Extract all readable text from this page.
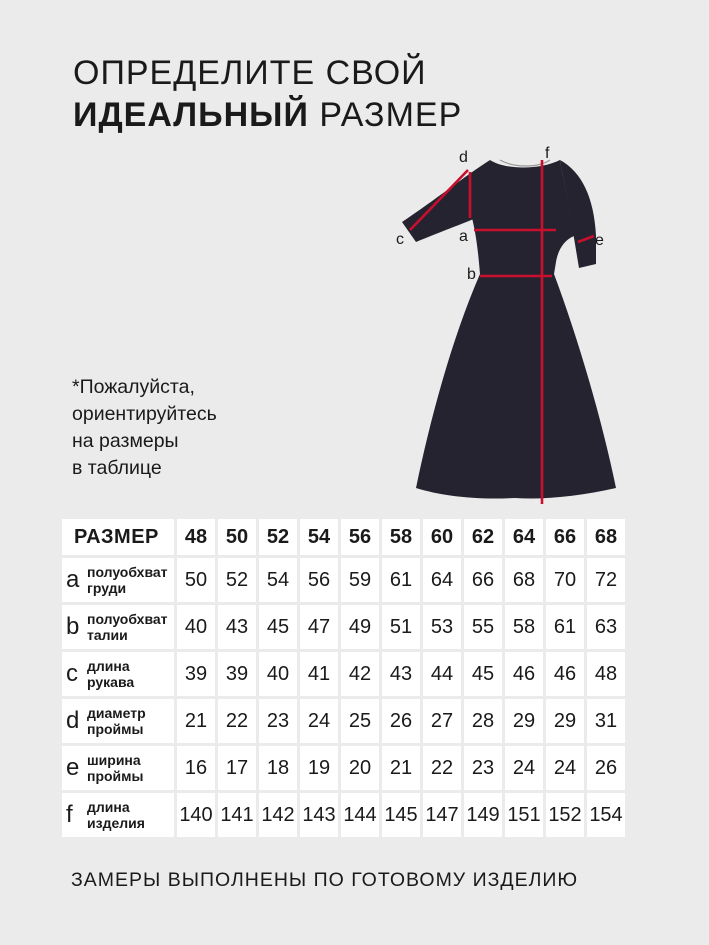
ОПРЕДЕЛИТЕ СВОЙ
ИДЕАЛЬНЫЙ РАЗМЕР
*Пожалуйста,
ориентируйтесь
на размеры
в таблице
d	f
a
c	e
b
РАЗМЕР	48	50	52	54	56	58	60	62	64	66	68

a полуобхват
груди	50	52	54	56	59	61	64	66	68	70	72

b полуобхват
талии	40	43	45	47	49	51	53	55	58	61	63

c длина
рукава	39	39	40	41	42	43	44	45	46	46	48

d диаметр
проймы	21	22	23	24	25	26	27	28	29	29	31

e ширина
проймы	16	17	18	19	20	21	22	23	24	24	26

f длина
изделия	140	141	142	143	144	145	147	149	151	152	154
ЗАМЕРЫ ВЫПОЛНЕНЫ ПО ГОТОВОМУ ИЗДЕЛИЮ
